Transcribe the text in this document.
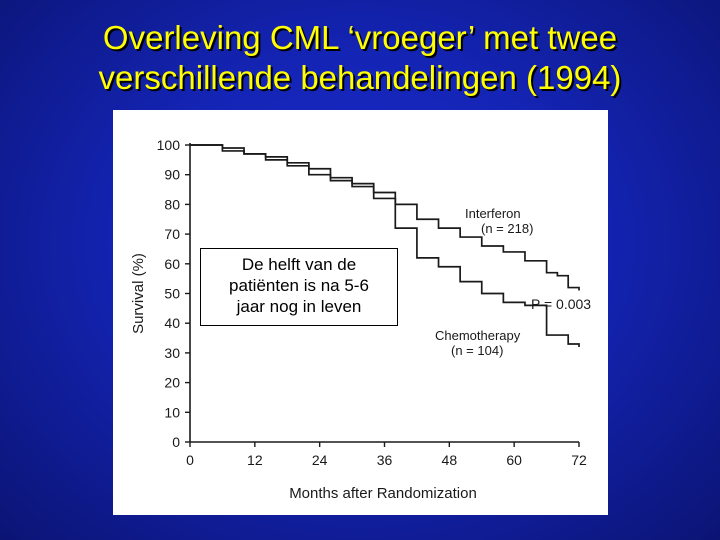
Overleving CML ‘vroeger’ met twee
verschillende behandelingen (1994)
0
10
20
30
40
50
60
70
80
90
100
0	12	24	36	48	60	72
Months after Randomization
Survival (%)
Interferon
(n = 218)
Chemotherapy
(n = 104)
P = 0.003
De helft van de
patiënten is na 5-6
jaar nog in leven
